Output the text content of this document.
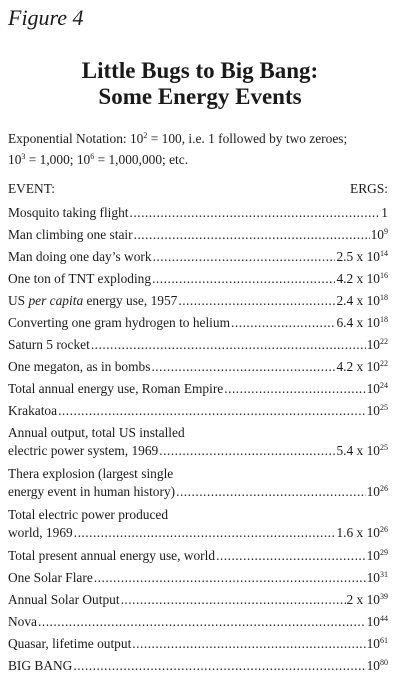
Figure 4
Little Bugs to Big Bang:
Some Energy Events
Exponential Notation: $10^2 = 100$, i.e. 1 followed by two zeroes;
$10^3 = 1,000$; $10^6 = 1,000,000$; etc.
EVENT:	ERGS:
Mosquito taking flight .....	1
Man climbing one stair .....	$10^9$
Man doing one day’s work .....	2.5 x $10^{14}$
One ton of TNT exploding .....	4.2 x $10^{16}$
US per capita energy use, 1957 .....	2.4 x $10^{18}$
Converting one gram hydrogen to helium .....	6.4 x $10^{18}$
Saturn 5 rocket .....	$10^{22}$
One megaton, as in bombs .....	4.2 x $10^{22}$
Total annual energy use, Roman Empire .....	$10^{24}$
Krakatoa .....	$10^{25}$
Annual output, total US installed
electric power system, 1969 .....	5.4 x $10^{25}$
Thera explosion (largest single
energy event in human history) .....	$10^{26}$
Total electric power produced
world, 1969 .....	1.6 x $10^{26}$
Total present annual energy use, world .....	$10^{29}$
One Solar Flare .....	$10^{31}$
Annual Solar Output .....	2 x $10^{39}$
Nova .....	$10^{44}$
Quasar, lifetime output .....	$10^{61}$
BIG BANG .....	$10^{80}$
